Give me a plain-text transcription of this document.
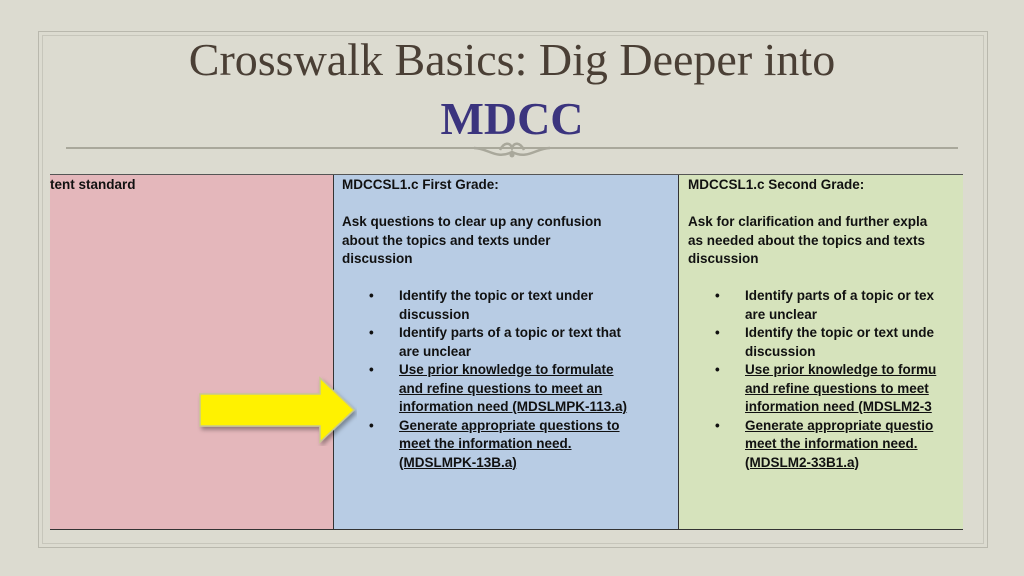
Crosswalk Basics: Dig Deeper into
MDCC
tent standard	MDCCSL1.c First Grade:
Ask questions to clear up any confusion
about the topics and texts under
discussion
• Identify the topic or text under
discussion
• Identify parts of a topic or text that
are unclear
• Use prior knowledge to formulate
and refine questions to meet an
information need (MDSLMPK-113.a)
• Generate appropriate questions to
meet the information need.
(MDSLMPK-13B.a)
MDCCSL1.c Second Grade:
Ask for clarification and further expla
as needed about the topics and texts
discussion
• Identify parts of a topic or tex
are unclear
• Identify the topic or text unde
discussion
• Use prior knowledge to formu
and refine questions to meet
information need (MDSLM2-3
• Generate appropriate questio
meet the information need.
(MDSLM2-33B1.a)
